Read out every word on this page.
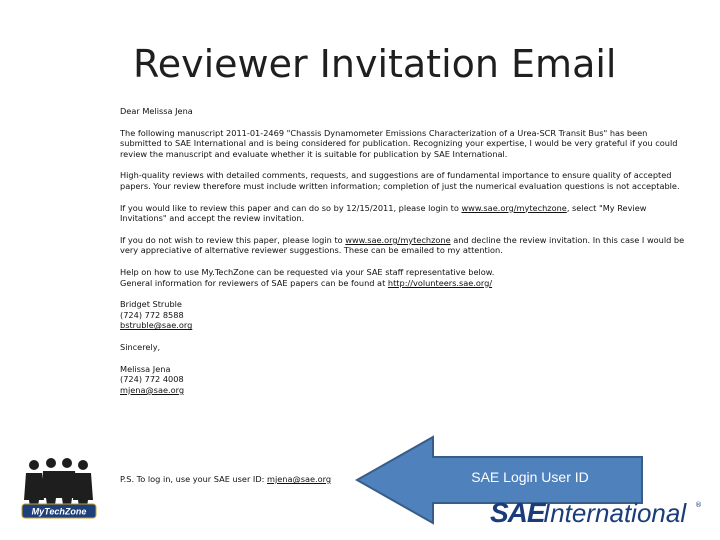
Reviewer Invitation Email

Dear Melissa Jena

The following manuscript 2011-01-2469 "Chassis Dynamometer Emissions Characterization of a Urea-SCR Transit Bus" has been submitted to SAE International and is being considered for publication. Recognizing your expertise, I would be very grateful if you could review the manuscript and evaluate whether it is suitable for publication by SAE International.

High-quality reviews with detailed comments, requests, and suggestions are of fundamental importance to ensure quality of accepted papers. Your review therefore must include written information; completion of just the numerical evaluation questions is not acceptable.

If you would like to review this paper and can do so by 12/15/2011, please login to www.sae.org/mytechzone, select "My Review Invitations" and accept the review invitation.

If you do not wish to review this paper, please login to www.sae.org/mytechzone and decline the review invitation. In this case I would be very appreciative of alternative reviewer suggestions. These can be emailed to my attention.

Help on how to use My.TechZone can be requested via your SAE staff representative below.
General information for reviewers of SAE papers can be found at http://volunteers.sae.org/

Bridget Struble
(724) 772 8588
bstruble@sae.org

Sincerely,

Melissa Jena
(724) 772 4008
mjena@sae.org

P.S. To log in, use your SAE user ID: mjena@sae.org	SAE Login User ID
MyTechZone	SAE
International ®
